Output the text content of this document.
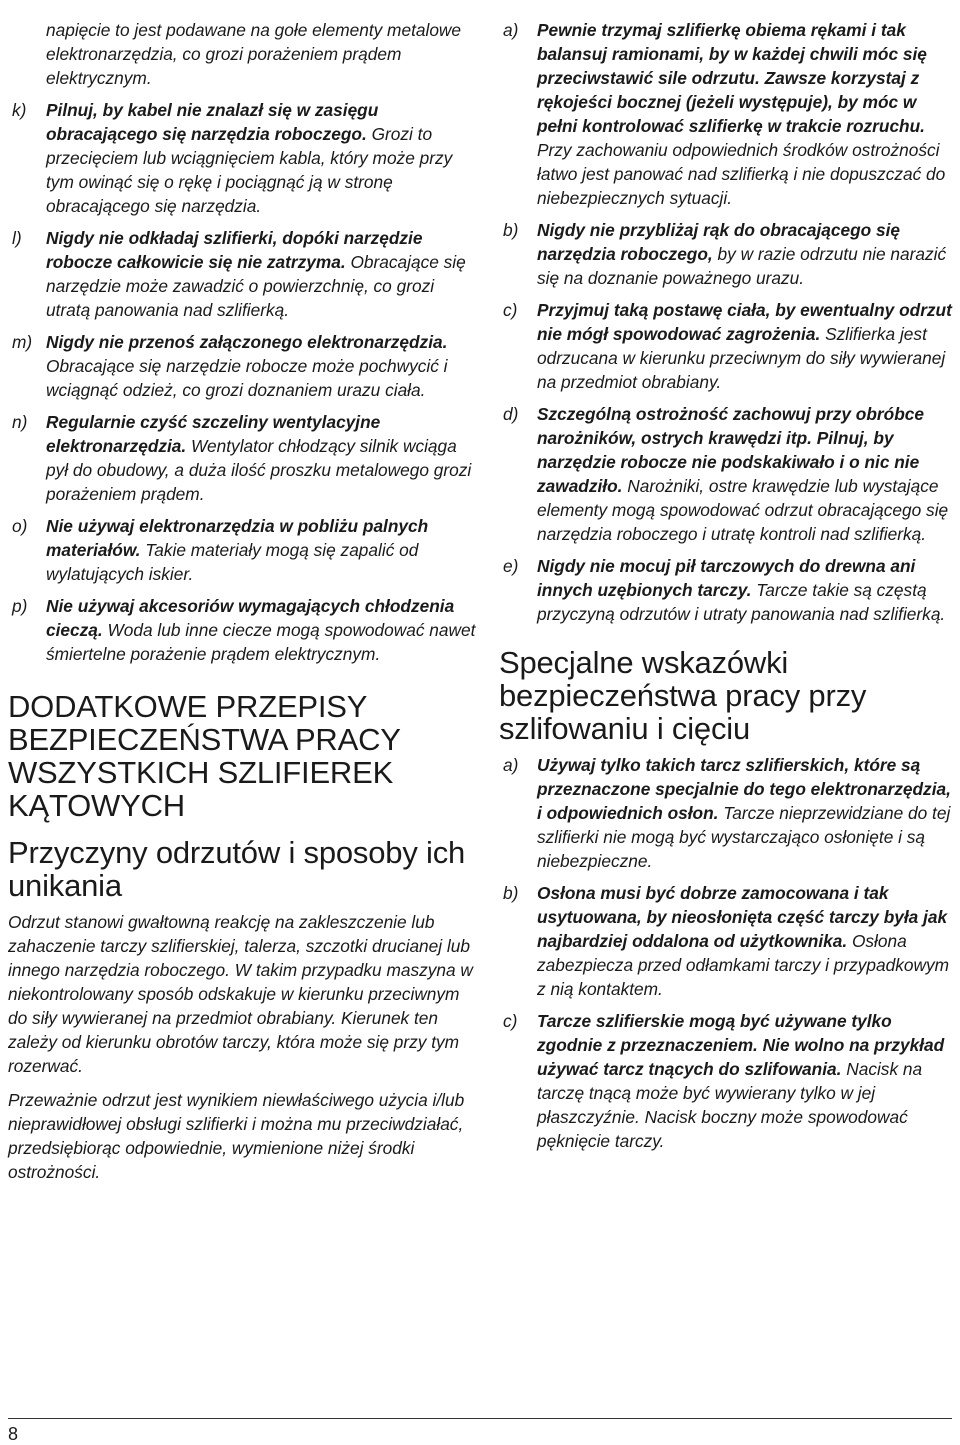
napięcie to jest podawane na gołe elementy metalowe elektronarzędzia, co grozi porażeniem prądem elektrycznym.
k) Pilnuj, by kabel nie znalazł się w zasięgu obracającego się narzędzia roboczego. Grozi to przecięciem lub wciągnięciem kabla, który może przy tym owinąć się o rękę i pociągnąć ją w stronę obracającego się narzędzia.
l) Nigdy nie odkładaj szlifierki, dopóki narzędzie robocze całkowicie się nie zatrzyma. Obracające się narzędzie może zawadzić o powierzchnię, co grozi utratą panowania nad szlifierką.
m) Nigdy nie przenoś załączonego elektronarzędzia. Obracające się narzędzie robocze może pochwycić i wciągnąć odzież, co grozi doznaniem urazu ciała.
n) Regularnie czyść szczeliny wentylacyjne elektronarzędzia. Wentylator chłodzący silnik wciąga pył do obudowy, a duża ilość proszku metalowego grozi porażeniem prądem.
o) Nie używaj elektronarzędzia w pobliżu palnych materiałów. Takie materiały mogą się zapalić od wylatujących iskier.
p) Nie używaj akcesoriów wymagających chłodzenia cieczą. Woda lub inne ciecze mogą spowodować nawet śmiertelne porażenie prądem elektrycznym.
DODATKOWE PRZEPISY BEZPIECZEŃSTWA PRACY WSZYSTKICH SZLIFIEREK KĄTOWYCH
Przyczyny odrzutów i sposoby ich unikania

Odrzut stanowi gwałtowną reakcję na zakleszczenie lub zahaczenie tarczy szlifierskiej, talerza, szczotki drucianej lub innego narzędzia roboczego. W takim przypadku maszyna w niekontrolowany sposób odskakuje w kierunku przeciwnym do siły wywieranej na przedmiot obrabiany. Kierunek ten zależy od kierunku obrotów tarczy, która może się przy tym rozerwać.

Przeważnie odrzut jest wynikiem niewłaściwego użycia i/lub nieprawidłowej obsługi szlifierki i można mu przeciwdziałać, przedsiębiorąc odpowiednie, wymienione niżej środki ostrożności.

a) Pewnie trzymaj szlifierkę obiema rękami i tak balansuj ramionami, by w każdej chwili móc się przeciwstawić sile odrzutu. Zawsze korzystaj z rękojeści bocznej (jeżeli występuje), by móc w pełni kontrolować szlifierkę w trakcie rozruchu. Przy zachowaniu odpowiednich środków ostrożności łatwo jest panować nad szlifierką i nie dopuszczać do niebezpiecznych sytuacji.
b) Nigdy nie przybliżaj rąk do obracającego się narzędzia roboczego, by w razie odrzutu nie narazić się na doznanie poważnego urazu.
c) Przyjmuj taką postawę ciała, by ewentualny odrzut nie mógł spowodować zagrożenia. Szlifierka jest odrzucana w kierunku przeciwnym do siły wywieranej na przedmiot obrabiany.
d) Szczególną ostrożność zachowuj przy obróbce narożników, ostrych krawędzi itp. Pilnuj, by narzędzie robocze nie podskakiwało i o nic nie zawadziło. Narożniki, ostre krawędzie lub wystające elementy mogą spowodować odrzut obracającego się narzędzia roboczego i utratę kontroli nad szlifierką.
e) Nigdy nie mocuj pił tarczowych do drewna ani innych uzębionych tarczy. Tarcze takie są częstą przyczyną odrzutów i utraty panowania nad szlifierką.
Specjalne wskazówki bezpieczeństwa pracy przy szlifowaniu i cięciu
a) Używaj tylko takich tarcz szlifierskich, które są przeznaczone specjalnie do tego elektronarzędzia, i odpowiednich osłon. Tarcze nieprzewidziane do tej szlifierki nie mogą być wystarczająco osłonięte i są niebezpieczne.
b) Osłona musi być dobrze zamocowana i tak usytuowana, by nieosłonięta część tarczy była jak najbardziej oddalona od użytkownika. Osłona zabezpiecza przed odłamkami tarczy i przypadkowym z nią kontaktem.
c) Tarcze szlifierskie mogą być używane tylko zgodnie z przeznaczeniem. Nie wolno na przykład używać tarcz tnących do szlifowania. Nacisk na tarczę tnącą może być wywierany tylko w jej płaszczyźnie. Nacisk boczny może spowodować pęknięcie tarczy.
8
